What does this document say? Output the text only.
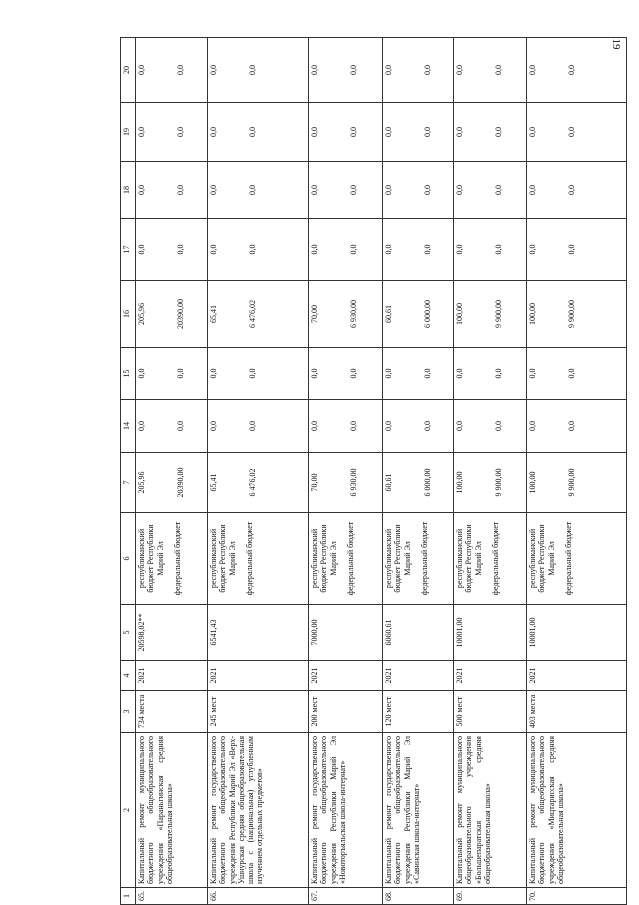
19
1	2	3	4	5	6	7	14	15	16	17	18	19	20
65.	Капитальный ремонт муниципального бюджетного общеобразовательного учреждения «Параньгинская средняя общеобразовательная школа»	734 места	2021	20598,02**	республиканский бюджет Республики Марий Эл федеральный бюджет	205,96 20390,00	0,0 0,0	0,0 0,0	205,96 20390,00	0,0 0,0	0,0 0,0	0,0 0,0	0,0 0,0

66.	Капитальный ремонт государственного бюджетного общеобразовательного учреждения Республики Марий Эл «Верх-Ушнурская средняя общеобразовательная школа с (национальная) углубленным изучением отдельных предметов»	245 мест	2021	6541,43	республиканский бюджет Республики Марий Эл федеральный бюджет	65,41 6 476,02	0,0 0,0	0,0 0,0	65,41 6 476,02	0,0 0,0	0,0 0,0	0,0 0,0	0,0 0,0

67.	Капитальный ремонт государственного бюджетного общеобразовательного учреждения Республики Марий Эл «Новоторъяльская школа-интернат»	200 мест	2021	7000,00	республиканский бюджет Республики Марий Эл федеральный бюджет	70,00 6 930,00	0,0 0,0	0,0 0,0	70,00 6 930,00	0,0 0,0	0,0 0,0	0,0 0,0	0,0 0,0

68.	Капитальный ремонт государственного бюджетного общеобразовательного учреждения Республики Марий Эл «Савинская школа-интернат»	120 мест	2021	6060,61	республиканский бюджет Республики Марий Эл федеральный бюджет	60,61 6 000,00	0,0 0,0	0,0 0,0	60,61 6 000,00	0,0 0,0	0,0 0,0	0,0 0,0	0,0 0,0

69.	Капитальный ремонт муниципального общеобразовательного учреждения «Большепаратская средняя общеобразовательная школа»	500 мест	2021	10001,00	республиканский бюджет Республики Марий Эл федеральный бюджет	100,00 9 900,00	0,0 0,0	0,0 0,0	100,00 9 900,00	0,0 0,0	0,0 0,0	0,0 0,0	0,0 0,0

70.	Капитальный ремонт муниципального бюджетного общеобразовательного учреждения «Мицтарисская средняя общеобразовательная школа»	403 места	2021	10001,00	республиканский бюджет Республики Марий Эл федеральный бюджет	100,00 9 900,00	0,0 0,0	0,0 0,0	100,00 9 900,00	0,0 0,0	0,0 0,0	0,0 0,0	0,0 0,0
